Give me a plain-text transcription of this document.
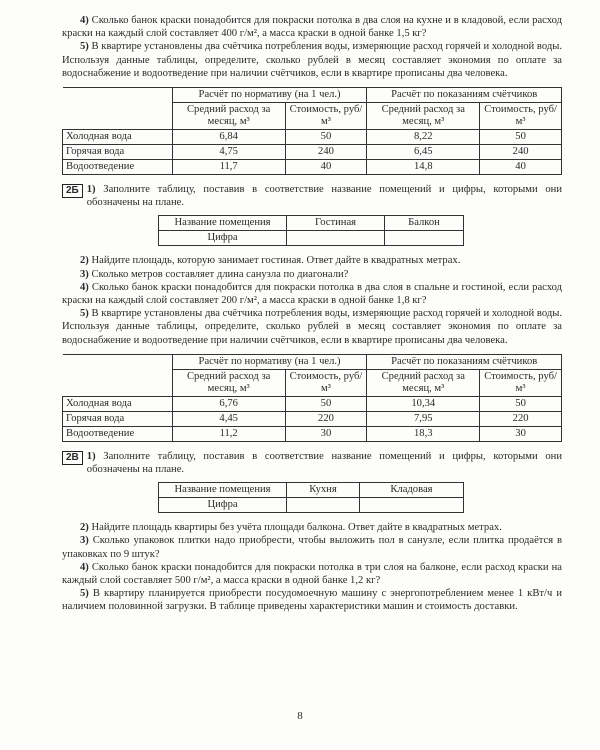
4) Сколько банок краски понадобится для покраски потолка в два слоя на кухне и в кладовой, если расход краски на каждый слой составляет 400 г/м², а масса краски в одной банке 1,5 кг?

5) В квартире установлены два счётчика потребления воды, измеряющие расход горячей и холодной воды. Используя данные таблицы, определите, сколько рублей в месяц составляет экономия по оплате за водоснабжение и водоотведение при наличии счётчиков, если в квартире прописаны два человека.

	Расчёт по нормативу (на 1 чел.)		Расчёт по показаниям счётчиков	
	Средний расход за месяц, м³	Стоимость, руб/м³	Средний расход за месяц, м³	Стоимость, руб/м³
Холодная вода	6,84	50	8,22	50
Горячая вода	4,75	240	6,45	240
Водоотведение	11,7	40	14,8	40
2Б 1) Заполните таблицу, поставив в соответствие название помещений и цифры, которыми они обозначены на плане.

Название помещения	Гостиная	Балкон
Цифра		

2) Найдите площадь, которую занимает гостиная. Ответ дайте в квадратных метрах.

3) Сколько метров составляет длина санузла по диагонали?

4) Сколько банок краски понадобится для покраски потолка в два слоя в спальне и гостиной, если расход краски на каждый слой составляет 200 г/м², а масса краски в одной банке 1,8 кг?

5) В квартире установлены два счётчика потребления воды, измеряющие расход горячей и холодной воды. Используя данные таблицы, определите, сколько рублей в месяц составляет экономия по оплате за водоснабжение и водоотведение при наличии счётчиков, если в квартире прописаны два человека.

	Расчёт по нормативу (на 1 чел.)		Расчёт по показаниям счётчиков	
	Средний расход за месяц, м³	Стоимость, руб/м³	Средний расход за месяц, м³	Стоимость, руб/м³
Холодная вода	6,76	50	10,34	50
Горячая вода	4,45	220	7,95	220
Водоотведение	11,2	30	18,3	30
2В 1) Заполните таблицу, поставив в соответствие название помещений и цифры, которыми они обозначены на плане.

Название помещения	Кухня	Кладовая
Цифра		

2) Найдите площадь квартиры без учёта площади балкона. Ответ дайте в квадратных метрах.

3) Сколько упаковок плитки надо приобрести, чтобы выложить пол в санузле, если плитка продаётся в упаковках по 9 штук?

4) Сколько банок краски понадобится для покраски потолка в три слоя на балконе, если расход краски на каждый слой составляет 500 г/м², а масса краски в одной банке 1,2 кг?

5) В квартиру планируется приобрести посудомоечную машину с энергопотреблением менее 1 кВт/ч и наличием половинной загрузки. В таблице приведены характеристики машин и стоимость доставки.

8
